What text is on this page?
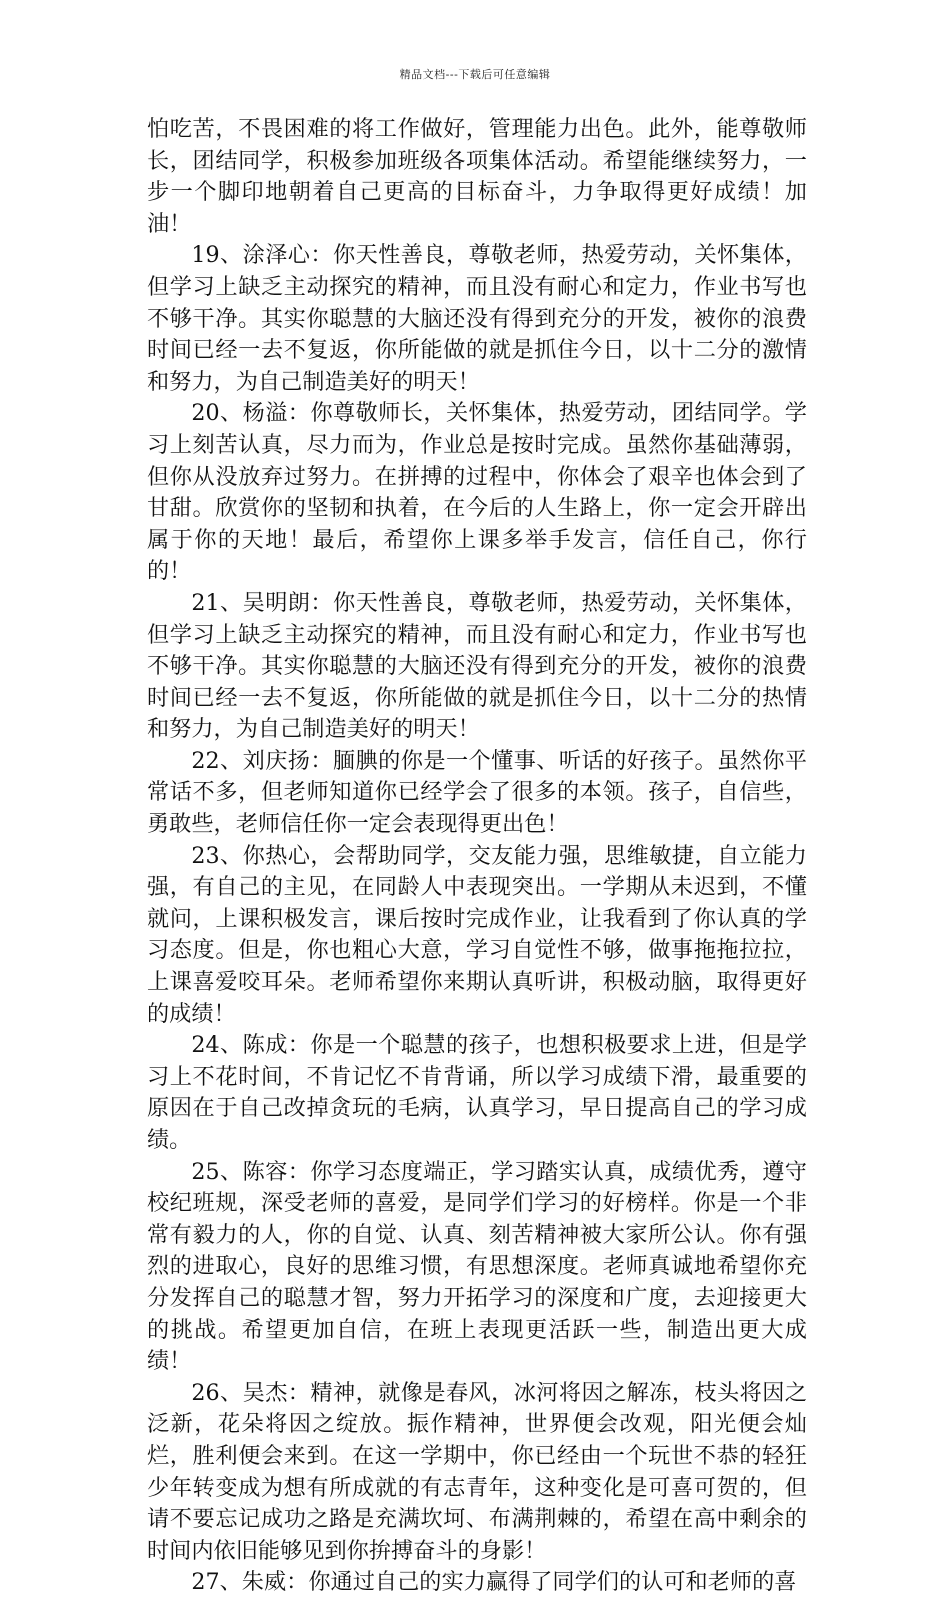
精品文档---下载后可任意编辑

怕吃苦，不畏困难的将工作做好，管理能力出色。此外，能尊敬师长，团结同学，积极参加班级各项集体活动。希望能继续努力，一步一个脚印地朝着自己更高的目标奋斗，力争取得更好成绩！加油！

19、涂泽心：你天性善良，尊敬老师，热爱劳动，关怀集体，但学习上缺乏主动探究的精神，而且没有耐心和定力，作业书写也不够干净。其实你聪慧的大脑还没有得到充分的开发，被你的浪费时间已经一去不复返，你所能做的就是抓住今日，以十二分的激情和努力，为自己制造美好的明天！

20、杨溢：你尊敬师长，关怀集体，热爱劳动，团结同学。学习上刻苦认真，尽力而为，作业总是按时完成。虽然你基础薄弱，但你从没放弃过努力。在拼搏的过程中，你体会了艰辛也体会到了甘甜。欣赏你的坚韧和执着，在今后的人生路上，你一定会开辟出属于你的天地！最后，希望你上课多举手发言，信任自己，你行的！

21、吴明朗：你天性善良，尊敬老师，热爱劳动，关怀集体，但学习上缺乏主动探究的精神，而且没有耐心和定力，作业书写也不够干净。其实你聪慧的大脑还没有得到充分的开发，被你的浪费时间已经一去不复返，你所能做的就是抓住今日，以十二分的热情和努力，为自己制造美好的明天！

22、刘庆扬：腼腆的你是一个懂事、听话的好孩子。虽然你平常话不多，但老师知道你已经学会了很多的本领。孩子，自信些，勇敢些，老师信任你一定会表现得更出色！

23、你热心，会帮助同学，交友能力强，思维敏捷，自立能力强，有自己的主见，在同龄人中表现突出。一学期从未迟到，不懂就问，上课积极发言，课后按时完成作业，让我看到了你认真的学习态度。但是，你也粗心大意，学习自觉性不够，做事拖拖拉拉，上课喜爱咬耳朵。老师希望你来期认真听讲，积极动脑，取得更好的成绩！

24、陈成：你是一个聪慧的孩子，也想积极要求上进，但是学习上不花时间，不肯记忆不肯背诵，所以学习成绩下滑，最重要的原因在于自己改掉贪玩的毛病，认真学习，早日提高自己的学习成绩。

25、陈容：你学习态度端正，学习踏实认真，成绩优秀，遵守校纪班规，深受老师的喜爱，是同学们学习的好榜样。你是一个非常有毅力的人，你的自觉、认真、刻苦精神被大家所公认。你有强烈的进取心，良好的思维习惯，有思想深度。老师真诚地希望你充分发挥自己的聪慧才智，努力开拓学习的深度和广度，去迎接更大的挑战。希望更加自信，在班上表现更活跃一些，制造出更大成绩！

26、吴杰：精神，就像是春风，冰河将因之解冻，枝头将因之泛新，花朵将因之绽放。振作精神，世界便会改观，阳光便会灿烂，胜利便会来到。在这一学期中，你已经由一个玩世不恭的轻狂少年转变成为想有所成就的有志青年，这种变化是可喜可贺的，但请不要忘记成功之路是充满坎坷、布满荆棘的，希望在高中剩余的时间内依旧能够见到你拚搏奋斗的身影！

27、朱威：你通过自己的实力赢得了同学们的认可和老师的喜
